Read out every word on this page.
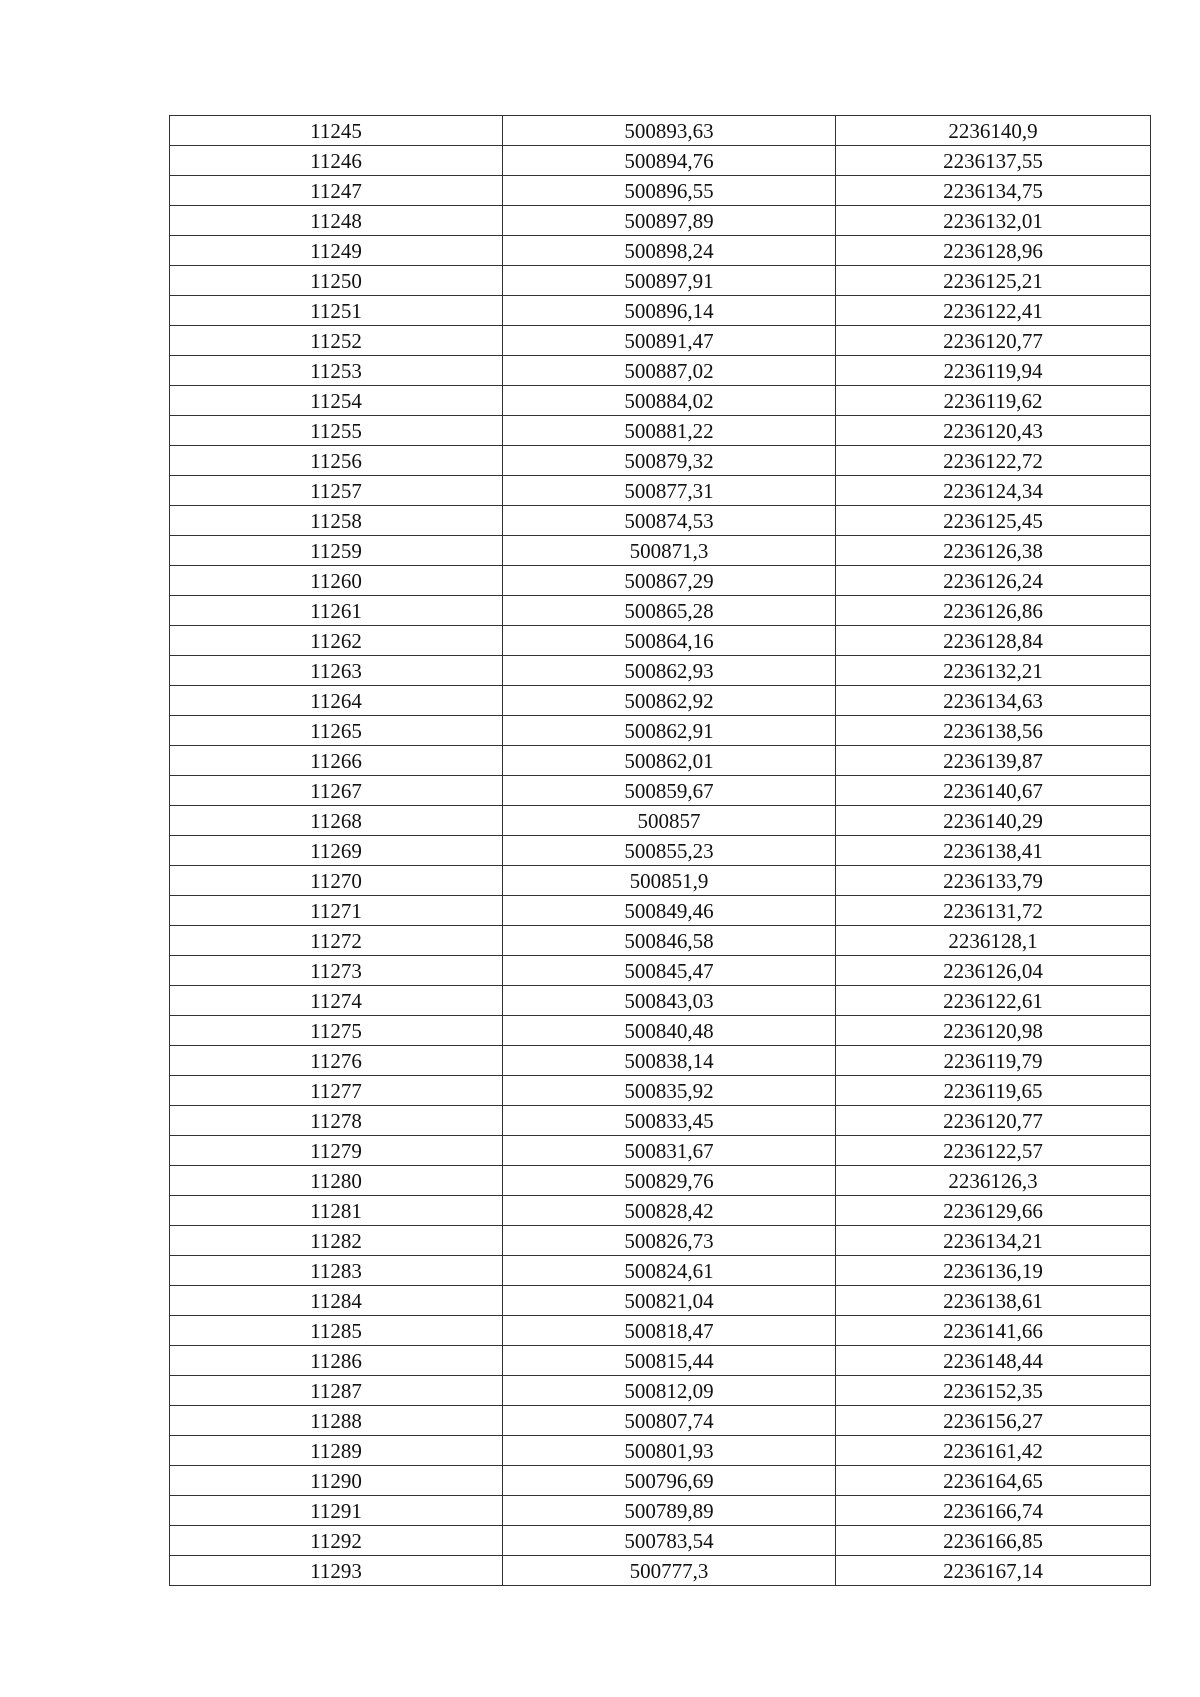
11245	500893,63	2236140,9
11246	500894,76	2236137,55
11247	500896,55	2236134,75
11248	500897,89	2236132,01
11249	500898,24	2236128,96
11250	500897,91	2236125,21
11251	500896,14	2236122,41
11252	500891,47	2236120,77
11253	500887,02	2236119,94
11254	500884,02	2236119,62
11255	500881,22	2236120,43
11256	500879,32	2236122,72
11257	500877,31	2236124,34
11258	500874,53	2236125,45
11259	500871,3	2236126,38
11260	500867,29	2236126,24
11261	500865,28	2236126,86
11262	500864,16	2236128,84
11263	500862,93	2236132,21
11264	500862,92	2236134,63
11265	500862,91	2236138,56
11266	500862,01	2236139,87
11267	500859,67	2236140,67
11268	500857	2236140,29
11269	500855,23	2236138,41
11270	500851,9	2236133,79
11271	500849,46	2236131,72
11272	500846,58	2236128,1
11273	500845,47	2236126,04
11274	500843,03	2236122,61
11275	500840,48	2236120,98
11276	500838,14	2236119,79
11277	500835,92	2236119,65
11278	500833,45	2236120,77
11279	500831,67	2236122,57
11280	500829,76	2236126,3
11281	500828,42	2236129,66
11282	500826,73	2236134,21
11283	500824,61	2236136,19
11284	500821,04	2236138,61
11285	500818,47	2236141,66
11286	500815,44	2236148,44
11287	500812,09	2236152,35
11288	500807,74	2236156,27
11289	500801,93	2236161,42
11290	500796,69	2236164,65
11291	500789,89	2236166,74
11292	500783,54	2236166,85
11293	500777,3	2236167,14
